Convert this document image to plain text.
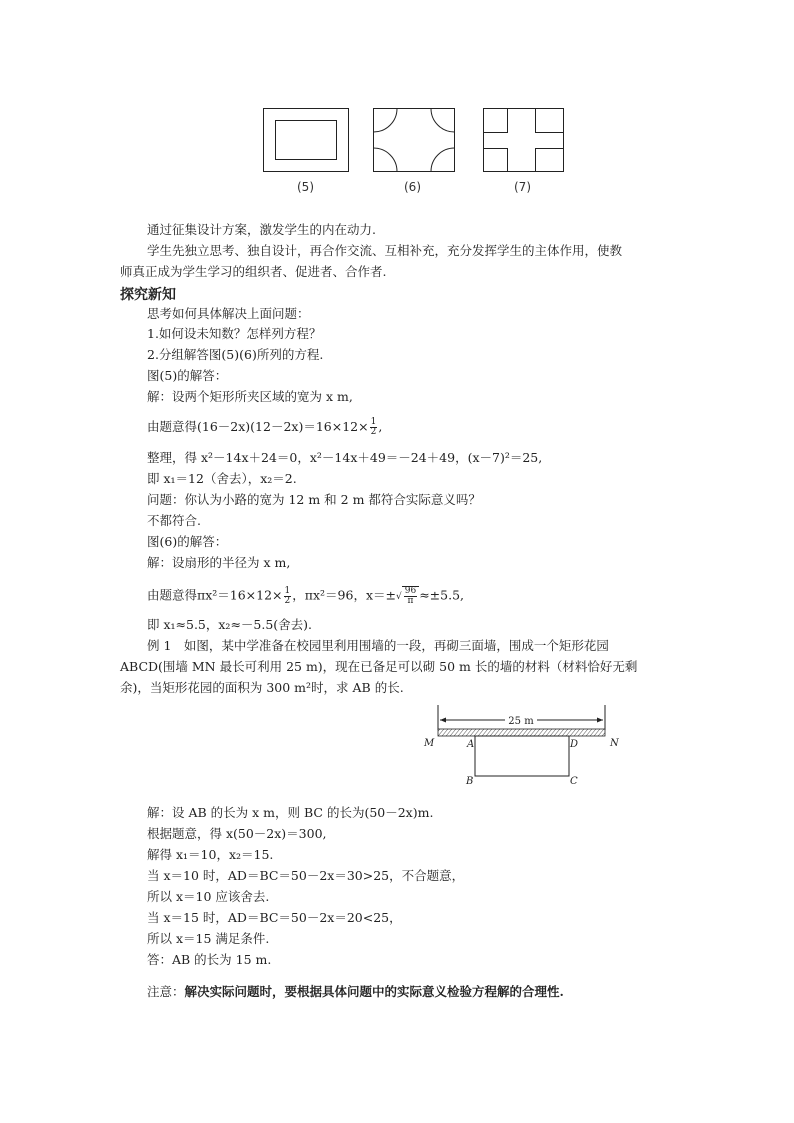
(5)	(6)	(7)
通过征集设计方案，激发学生的内在动力.
学生先独立思考、独自设计，再合作交流、互相补充，充分发挥学生的主体作用，使教
师真正成为学生学习的组织者、促进者、合作者.
探究新知
思考如何具体解决上面问题：
1.如何设未知数？怎样列方程？
2.分组解答图(5)(6)所列的方程.
图(5)的解答：
解：设两个矩形所夹区域的宽为 x m,
由题意得$(16-2x)(12-2x)=16\times 12\times \frac{1}{2}$ ,
整理，得 x²－14x＋24＝0，x²－14x＋49＝－24＋49，(x－7)²＝25,
即 x₁＝12（舍去），x₂＝2.
问题：你认为小路的宽为 12 m 和 2 m 都符合实际意义吗？
不都符合.
图(6)的解答：
解：设扇形的半径为 x m,
由题意得$\pi x^2=16\times 12\times \frac{1}{2}$ ，πx²＝96，$x=\pm√ \frac{96}{\pi} \approx\pm 5.5$,
即 x₁≈5.5，x₂≈－5.5(舍去).
例 1　如图，某中学准备在校园里利用围墙的一段，再砌三面墙，围成一个矩形花园
ABCD(围墙 MN 最长可利用 25 m)，现在已备足可以砌 50 m 长的墙的材料（材料恰好无剩
余)，当矩形花园的面积为 300 m²时，求 AB 的长.
25 m
M	A	D	N
B	C
解：设 AB 的长为 x m，则 BC 的长为(50－2x)m.
根据题意，得 x(50－2x)＝300,
解得 x₁＝10，x₂＝15.
当 x＝10 时，AD＝BC＝50－2x＝30>25，不合题意，
所以 x＝10 应该舍去.
当 x＝15 时，AD＝BC＝50－2x＝20<25，
所以 x＝15 满足条件.
答：AB 的长为 15 m.
注意：解决实际问题时，要根据具体问题中的实际意义检验方程解的合理性.
